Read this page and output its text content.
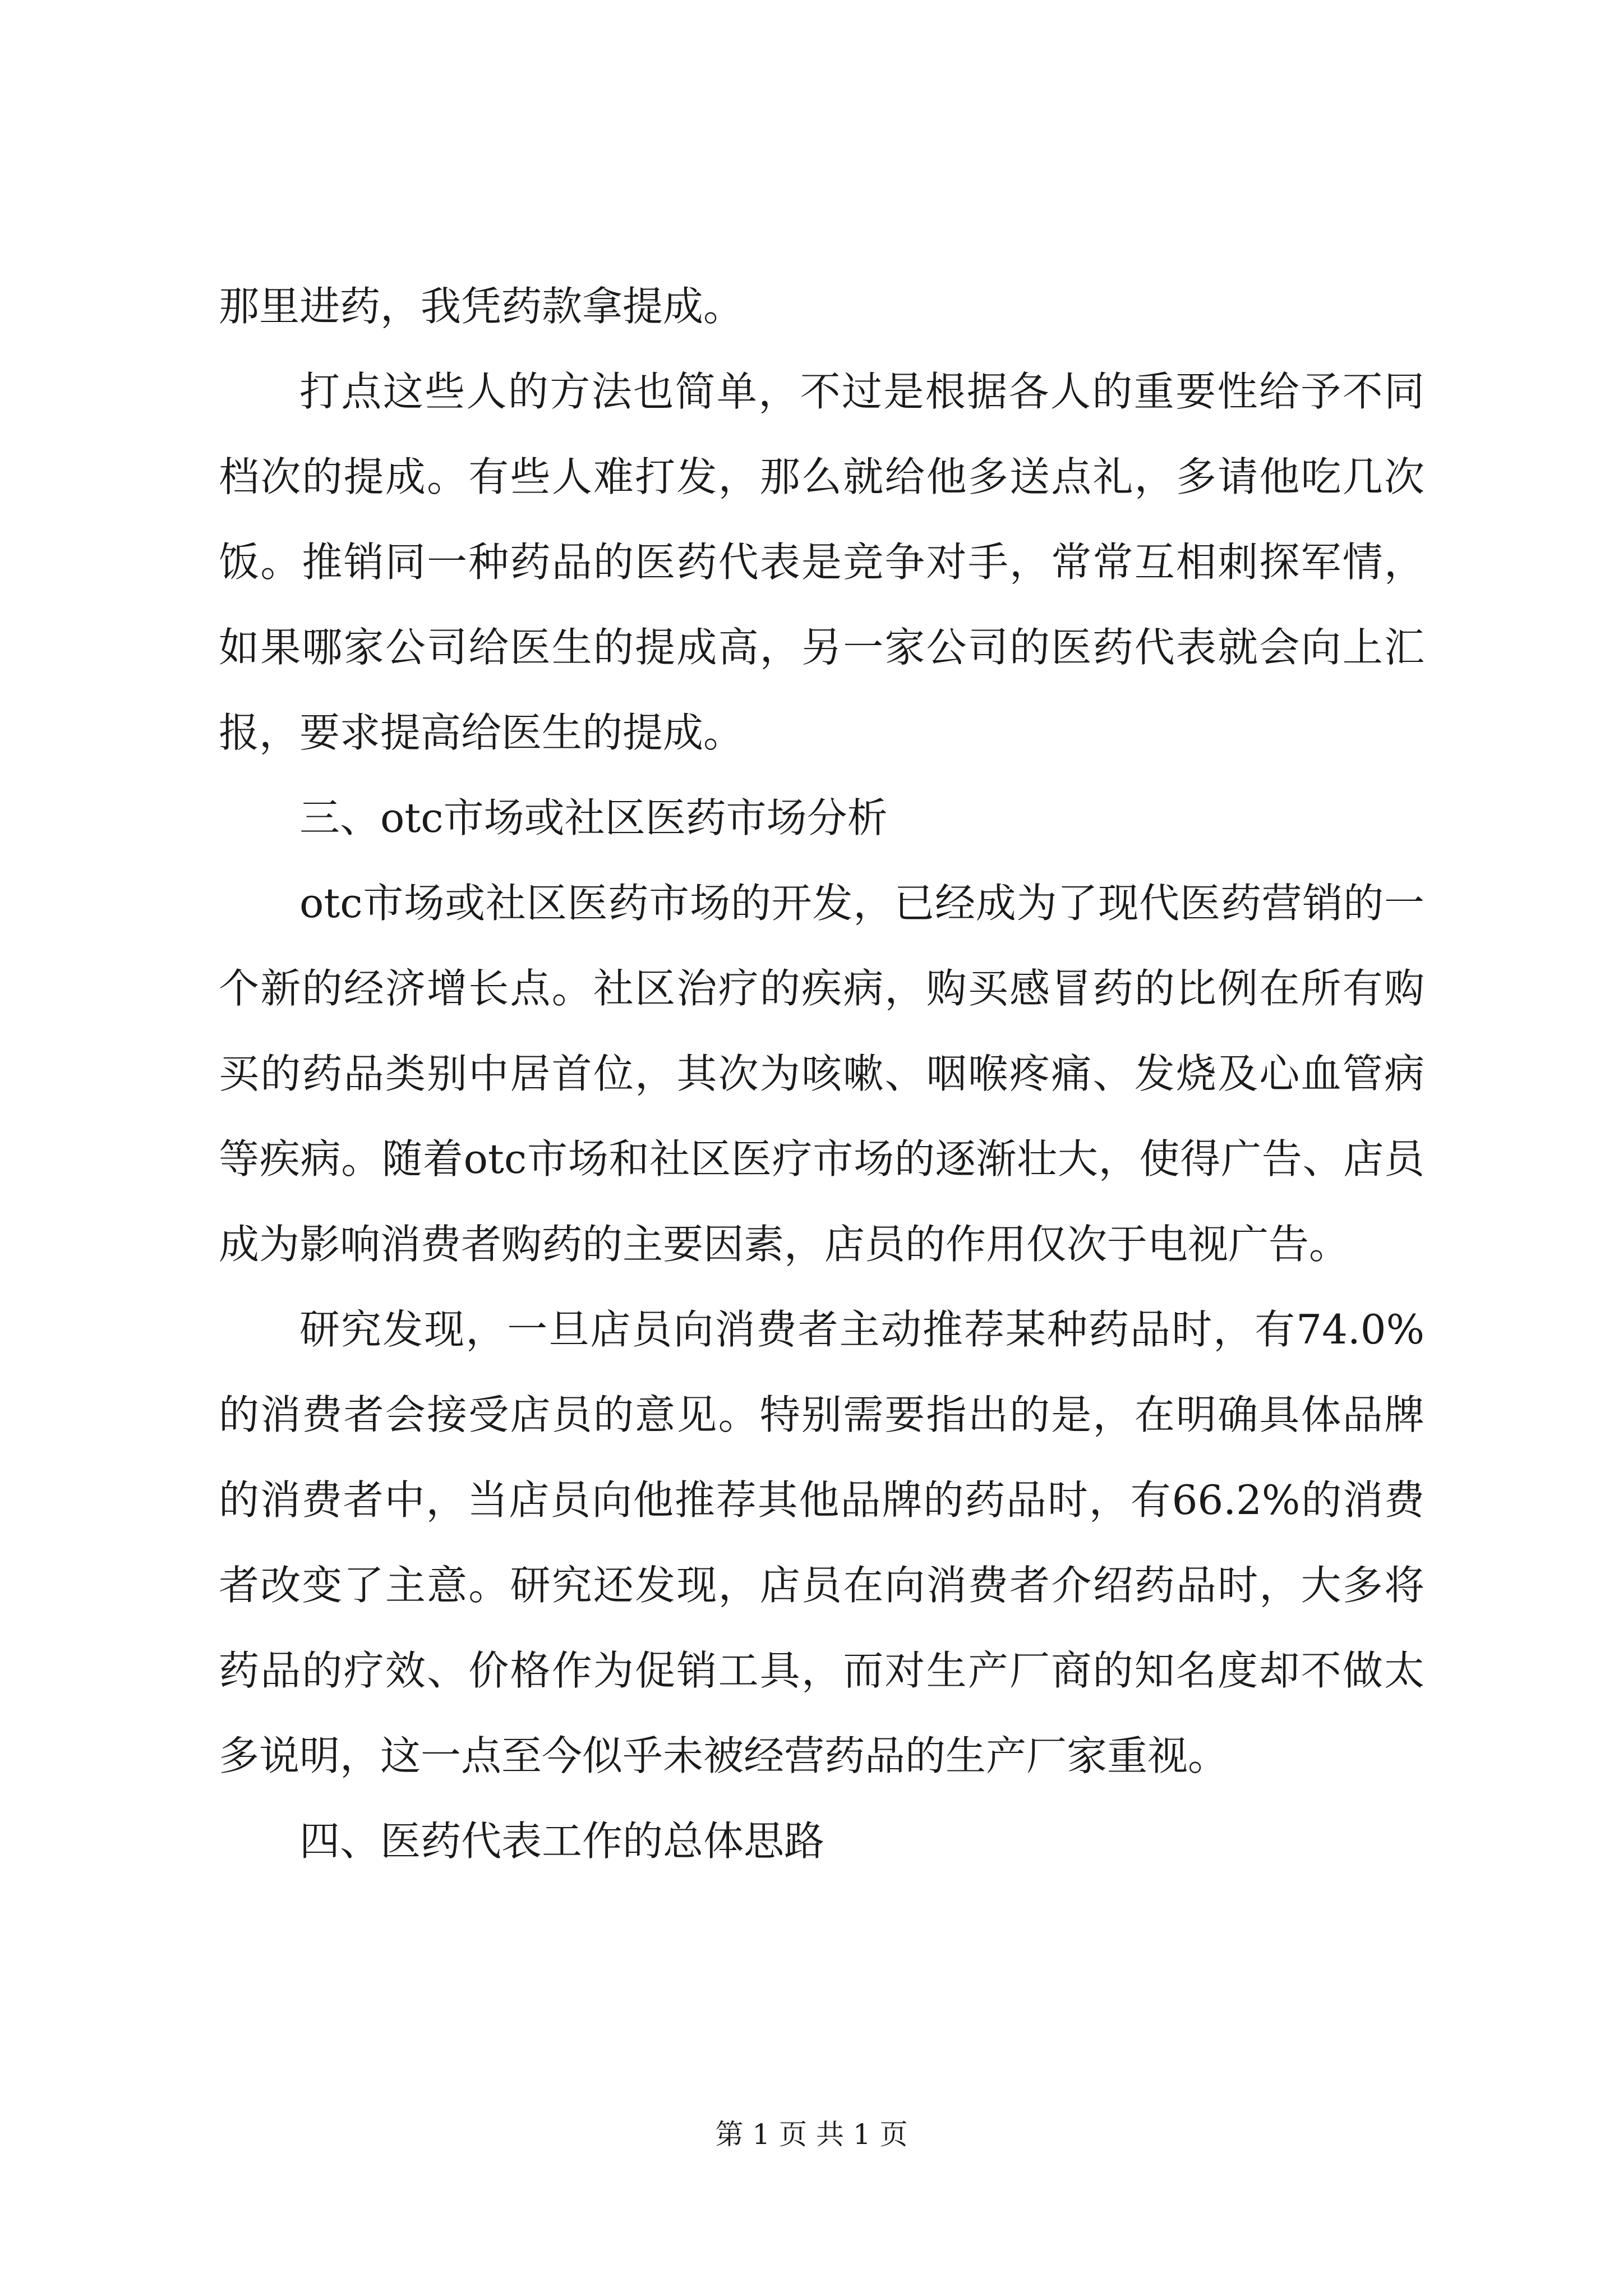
那里进药，我凭药款拿提成。

打点这些人的方法也简单，不过是根据各人的重要性给予不同档次的提成。有些人难打发，那么就给他多送点礼，多请他吃几次饭。推销同一种药品的医药代表是竞争对手，常常互相刺探军情，如果哪家公司给医生的提成高，另一家公司的医药代表就会向上汇报，要求提高给医生的提成。

三、otc市场或社区医药市场分析

otc市场或社区医药市场的开发，已经成为了现代医药营销的一个新的经济增长点。社区治疗的疾病，购买感冒药的比例在所有购买的药品类别中居首位，其次为咳嗽、咽喉疼痛、发烧及心血管病等疾病。随着otc市场和社区医疗市场的逐渐壮大，使得广告、店员成为影响消费者购药的主要因素，店员的作用仅次于电视广告。

研究发现，一旦店员向消费者主动推荐某种药品时，有74.0%的消费者会接受店员的意见。特别需要指出的是，在明确具体品牌的消费者中，当店员向他推荐其他品牌的药品时，有66.2%的消费者改变了主意。研究还发现，店员在向消费者介绍药品时，大多将药品的疗效、价格作为促销工具，而对生产厂商的知名度却不做太多说明，这一点至今似乎未被经营药品的生产厂家重视。

四、医药代表工作的总体思路

第 1 页 共 1 页
